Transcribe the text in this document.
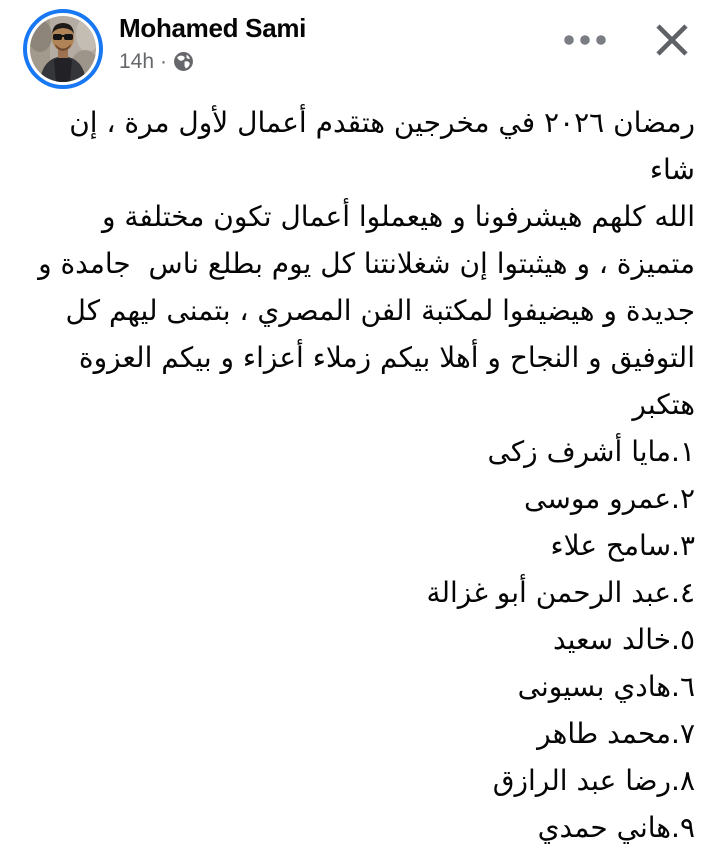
Mohamed Sami
14h ·
رمضان ٢٠٢٦ في مخرجين هتقدم أعمال لأول مرة ، إن شاء
الله كلهم هيشرفونا و هيعملوا أعمال تكون مختلفة و
متميزة ، و هيثبتوا إن شغلانتنا كل يوم بطلع ناس  جامدة و
جديدة و هيضيفوا لمكتبة الفن المصري ، بتمنى ليهم كل
التوفيق و النجاح و أهلا بيكم زملاء أعزاء و بيكم العزوة
هتكبر
١.مايا أشرف زكى
٢.عمرو موسى
٣.سامح علاء
٤.عبد الرحمن أبو غزالة
٥.خالد سعيد
٦.هادي بسيونى
٧.محمد طاهر
٨.رضا عبد الرازق
٩.هاني حمدي
